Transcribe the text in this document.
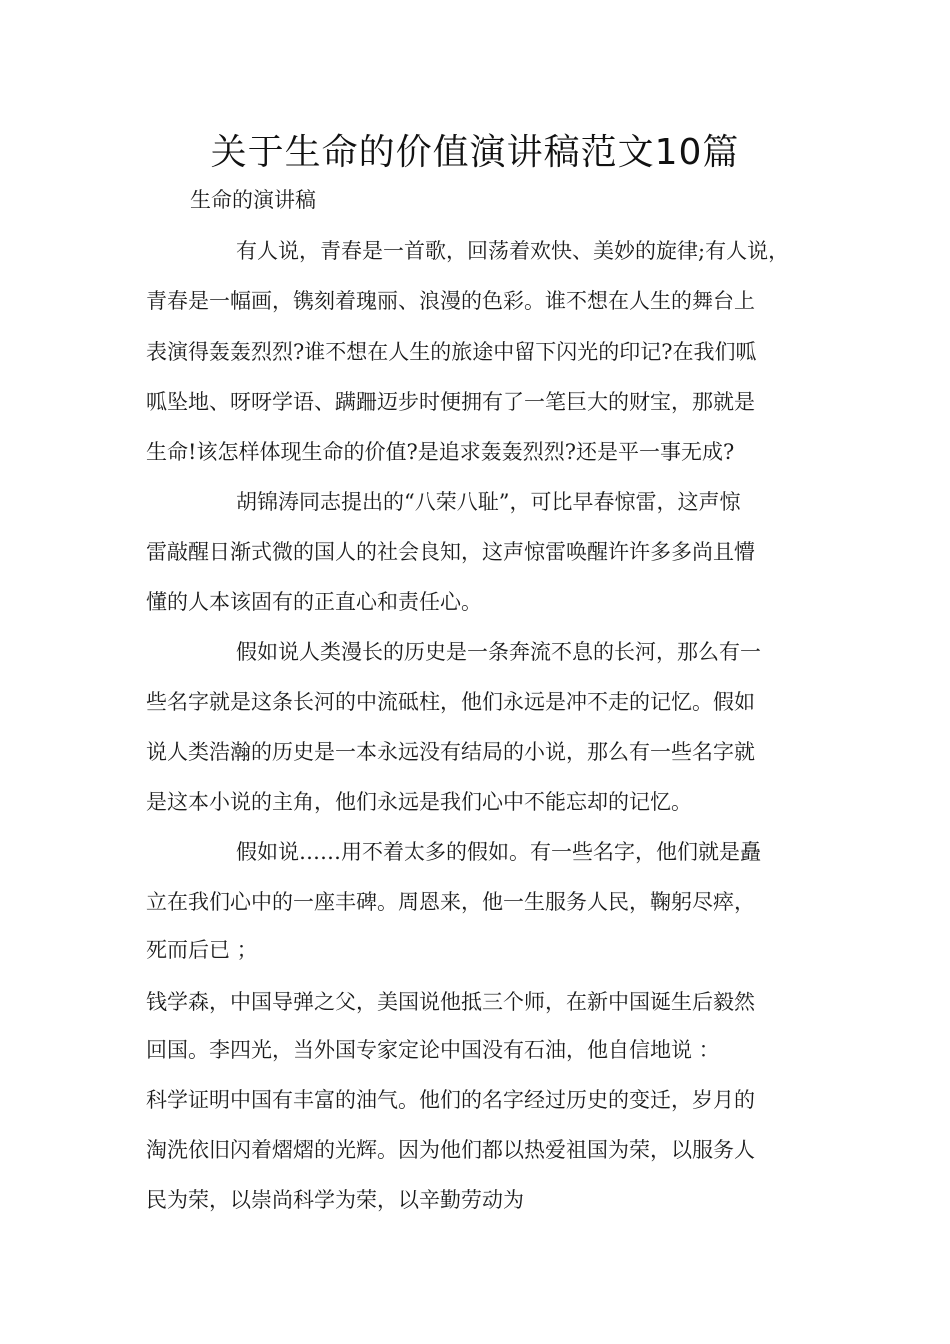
关于生命的价值演讲稿范文10篇
生命的演讲稿
有人说，青春是一首歌，回荡着欢快、美妙的旋律;有人说，
青春是一幅画，镌刻着瑰丽、浪漫的色彩。谁不想在人生的舞台上
表演得轰轰烈烈?谁不想在人生的旅途中留下闪光的印记?在我们呱
呱坠地、呀呀学语、蹒跚迈步时便拥有了一笔巨大的财宝，那就是
生命!该怎样体现生命的价值?是追求轰轰烈烈?还是平一事无成?
胡锦涛同志提出的“八荣八耻”，可比早春惊雷，这声惊
雷敲醒日渐式微的国人的社会良知，这声惊雷唤醒许许多多尚且懵
懂的人本该固有的正直心和责任心。
假如说人类漫长的历史是一条奔流不息的长河，那么有一
些名字就是这条长河的中流砥柱，他们永远是冲不走的记忆。假如
说人类浩瀚的历史是一本永远没有结局的小说，那么有一些名字就
是这本小说的主角，他们永远是我们心中不能忘却的记忆。
假如说……用不着太多的假如。有一些名字，他们就是矗
立在我们心中的一座丰碑。周恩来，他一生服务人民，鞠躬尽瘁，
死而后已 ；
钱学森，中国导弹之父，美国说他抵三个师，在新中国诞生后毅然
回国。李四光，当外国专家定论中国没有石油，他自信地说 ：
科学证明中国有丰富的油气。他们的名字经过历史的变迁，岁月的
淘洗依旧闪着熠熠的光辉。因为他们都以热爱祖国为荣，以服务人
民为荣，以崇尚科学为荣，以辛勤劳动为
